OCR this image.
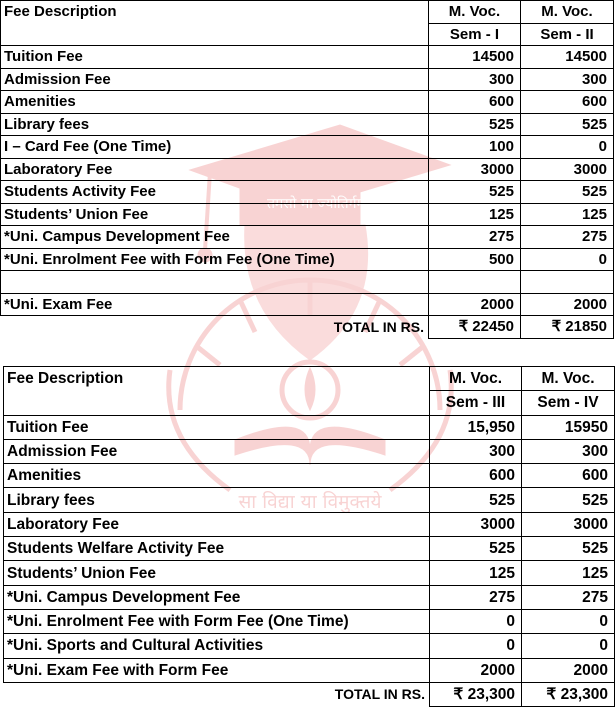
तमसो मा ज्योतिर्गमय
सा विद्या या विमुक्तये
Fee Description	M. Voc.	M. Voc.
	Sem - I	Sem - II
Tuition Fee	14500	14500
Admission Fee	300	300
Amenities	600	600
Library fees	525	525
I – Card Fee (One Time)	100	0
Laboratory Fee	3000	3000
Students Activity Fee	525	525
Students’ Union Fee	125	125
*Uni. Campus Development Fee	275	275
*Uni. Enrolment Fee with Form Fee (One Time)	500	0

*Uni. Exam Fee	2000	2000
TOTAL IN RS.	₹ 22450	₹ 21850
Fee Description	M. Voc.	M. Voc.
	Sem - III	Sem - IV
Tuition Fee	15,950	15950
Admission Fee	300	300
Amenities	600	600
Library fees	525	525
Laboratory Fee	3000	3000
Students Welfare Activity Fee	525	525
Students’ Union Fee	125	125
*Uni. Campus Development Fee	275	275
*Uni. Enrolment Fee with Form Fee (One Time)	0	0
*Uni. Sports and Cultural Activities	0	0
*Uni. Exam Fee with Form Fee	2000	2000
TOTAL IN RS.	₹ 23,300	₹ 23,300
